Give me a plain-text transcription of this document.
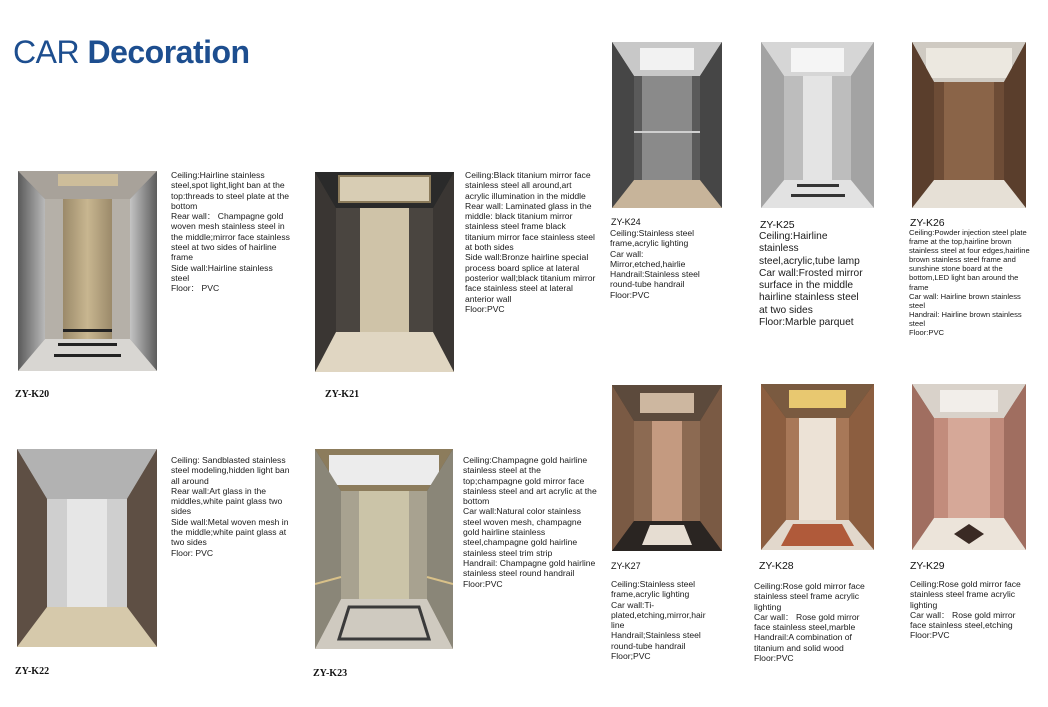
CAR Decoration
Ceiling:Hairline stainless steel,spot light,light ban at the top:threads to steel plate at the bottom
Rear wall： Champagne gold woven mesh stainless steel in the middle;mirror face stainless steel at two sides of hairline frame
Side wall:Hairline stainless steel
Floor： PVC
ZY-K20
Ceiling:Black titanium mirror face stainless steel all around,art acrylic illumination in the middle
Rear wall: Laminated glass in the middle: black titanium mirror stainless steel frame black titanium mirror face stainless steel at both sides
Side wall:Bronze hairline special process board splice at lateral posterior wall;black titanium mirror face stainless steel at lateral anterior wall
Floor:PVC
ZY-K21
Ceiling:Stainless steel frame,acrylic lighting
Car wall: Mirror,etched,hairlie
Handrail:Stainless steel round-tube handrail
Floor:PVC
ZY-K24
Ceiling:Hairline stainless steel,acrylic,tube lamp
Car wall:Frosted mirror surface in the middle hairline stainless steel at two sides
Floor:Marble parquet
ZY-K25
Ceiling:Powder injection steel plate frame at the top,hairline brown stainless steel at four edges,hairline brown stainless steel frame and sunshine stone board at the bottom,LED light ban around the frame
Car wall: Hairline brown stainless steel
Handrail: Hairline brown stainless steel
Floor:PVC
ZY-K26
Ceiling: Sandblasted stainless steel modeling,hidden light ban all around
Rear wall:Art glass in the middles,white paint glass two sides
Side wall:Metal woven mesh in the middle;white paint glass at two sides
Floor: PVC
ZY-K22
Ceiling:Champagne gold hairline stainless steel at the top;champagne gold mirror face stainless steel and art acrylic at the bottom
Car wall:Natural color stainless steel woven mesh, champagne gold hairline stainless steel,champagne gold hairline stainless steel trim strip
Handrail: Champagne gold hairline stainless steel round handrail
Floor:PVC
ZY-K23
Ceiling:Stainless steel frame,acrylic lighting
Car wall:Ti-plated,etching,mirror,hair line
Handrail;Stainless steel round-tube handrail
Floor;PVC
ZY-K27
Ceiling:Rose gold mirror face stainless steel frame acrylic lighting
Car wall： Rose gold mirror face stainless steel,marble
Handrail:A combination of titanium and solid wood
Floor:PVC
ZY-K28
Ceiling:Rose gold mirror face stainless steel frame acrylic lighting
Car wall： Rose gold mirror face stainless steel,etching
Floor:PVC
ZY-K29
